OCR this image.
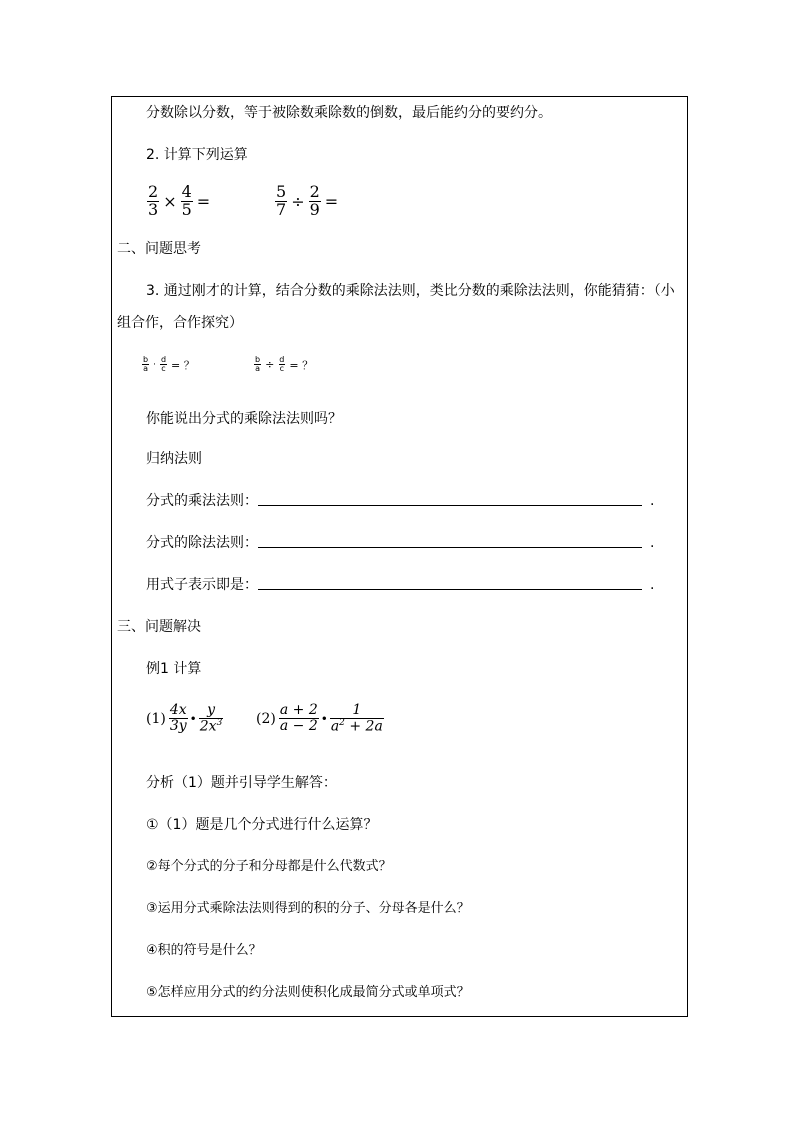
分数除以分数，等于被除数乘除数的倒数，最后能约分的要约分。
2. 计算下列运算
$\frac{2}{3} \times \frac{4}{5}$ =	$\frac{5}{7} \div \frac{2}{9}$ =
二、问题思考
3. 通过刚才的计算，结合分数的乘除法法则，类比分数的乘除法法则，你能猜猜：（小
组合作，合作探究）
$\frac{b}{a} \cdot \frac{d}{c}$ = ？	$\frac{b}{a} \div \frac{d}{c}$ = ？
你能说出分式的乘除法法则吗？
归纳法则
分式的乘法法则：	.
分式的除法法则：	.
用式子表示即是：	.
三、问题解决
例1 计算
$(1) \frac{4x}{3y}$ • $\frac{y}{2x^3} (2) \frac{a + 2}{a - 2}$ • $\frac{1}{a^2 + 2a}$
分析（1）题并引导学生解答：
①（1）题是几个分式进行什么运算？
②每个分式的分子和分母都是什么代数式？
③运用分式乘除法法则得到的积的分子、分母各是什么？
④积的符号是什么？
⑤怎样应用分式的约分法则使积化成最简分式或单项式？
